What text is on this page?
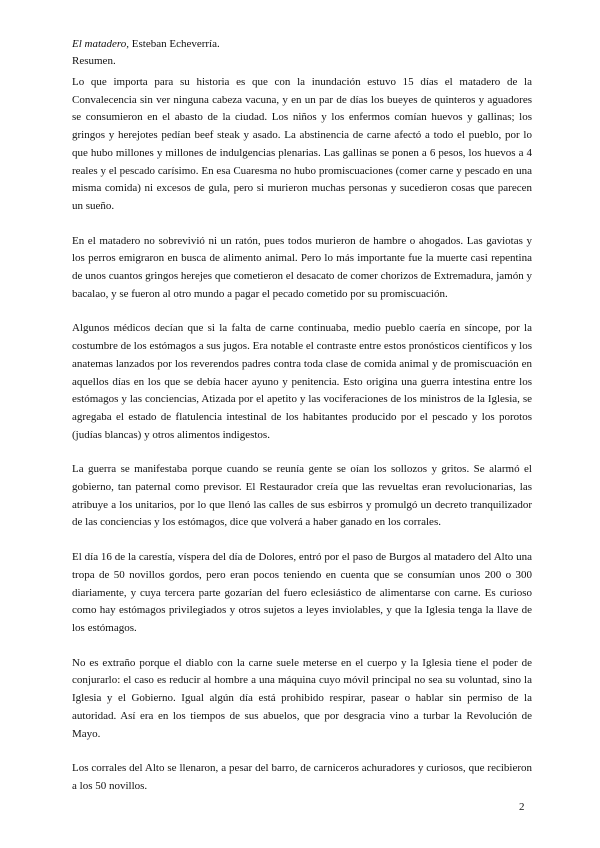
El matadero, Esteban Echeverría.

Resumen.

Lo que importa para su historia es que con la inundación estuvo 15 días el matadero de la Convalecencia sin ver ninguna cabeza vacuna, y en un par de días los bueyes de quinteros y aguadores se consumieron en el abasto de la ciudad. Los niños y los enfermos comían huevos y gallinas; los gringos y herejotes pedían beef steak y asado. La abstinencia de carne afectó a todo el pueblo, por lo que hubo millones y millones de indulgencias plenarias. Las gallinas se ponen a 6 pesos, los huevos a 4 reales y el pescado carísimo. En esa Cuaresma no hubo promiscuaciones (comer carne y pescado en una misma comida) ni excesos de gula, pero si murieron muchas personas y sucedieron cosas que parecen un sueño.

En el matadero no sobrevivió ni un ratón, pues todos murieron de hambre o ahogados. Las gaviotas y los perros emigraron en busca de alimento animal. Pero lo más importante fue la muerte casi repentina de unos cuantos gringos herejes que cometieron el desacato de comer chorizos de Extremadura, jamón y bacalao, y se fueron al otro mundo a pagar el pecado cometido por su promiscuación.

Algunos médicos decían que si la falta de carne continuaba, medio pueblo caería en síncope, por la costumbre de los estómagos a sus jugos. Era notable el contraste entre estos pronósticos científicos y los anatemas lanzados por los reverendos padres contra toda clase de comida animal y de promiscuación en aquellos días en los que se debía hacer ayuno y penitencia. Esto origina una guerra intestina entre los estómagos y las conciencias, Atizada por el apetito y las vociferaciones de los ministros de la Iglesia, se agregaba el estado de flatulencia intestinal de los habitantes producido por el pescado y los porotos (judías blancas) y otros alimentos indigestos.

La guerra se manifestaba porque cuando se reunía gente se oían los sollozos y gritos. Se alarmó el gobierno, tan paternal como previsor. El Restaurador creía que las revueltas eran revolucionarias, las atribuye a los unitarios, por lo que llenó las calles de sus esbirros y promulgó un decreto tranquilizador de las conciencias y los estómagos, dice que volverá a haber ganado en los corrales.

El día 16 de la carestía, víspera del día de Dolores, entró por el paso de Burgos al matadero del Alto una tropa de 50 novillos gordos, pero eran pocos teniendo en cuenta que se consumían unos 200 o 300 diariamente, y cuya tercera parte gozarían del fuero eclesiástico de alimentarse con carne. Es curioso como hay estómagos privilegiados y otros sujetos a leyes inviolables, y que la Iglesia tenga la llave de los estómagos.

No es extraño porque el diablo con la carne suele meterse en el cuerpo y la Iglesia tiene el poder de conjurarlo: el caso es reducir al hombre a una máquina cuyo móvil principal no sea su voluntad, sino la Iglesia y el Gobierno. Igual algún día está prohibido respirar, pasear o hablar sin permiso de la autoridad. Así era en los tiempos de sus abuelos, que por desgracia vino a turbar la Revolución de Mayo.

Los corrales del Alto se llenaron, a pesar del barro, de carniceros achuradores y curiosos, que recibieron a los 50 novillos.

2
